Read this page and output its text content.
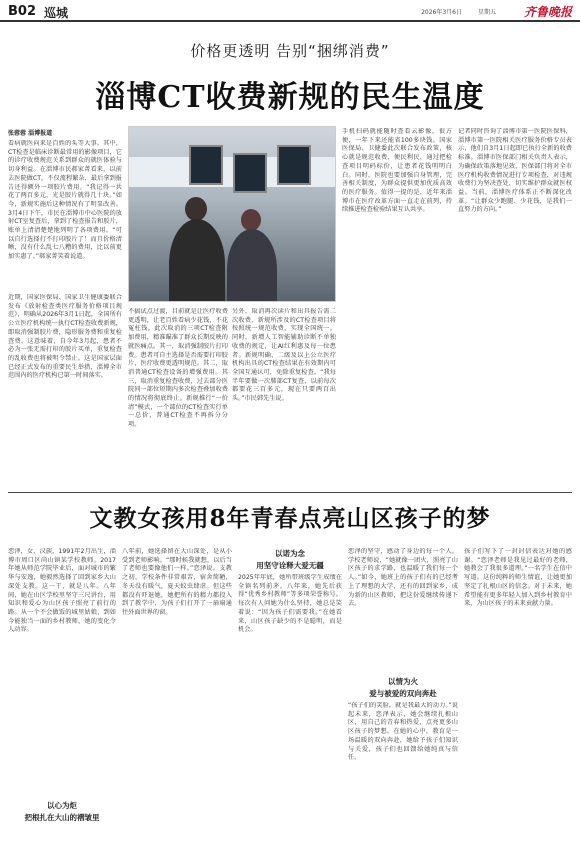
B02 巡城	2026年3月6日	星期五 齐鲁晚报
价格更透明 告别“捆绑消费”
淄博CT收费新规的民生温度
张蓉蓉 淄博报道
看病就医向来是百姓的头等大事。其中，CT检查是临床诊断最常用的影像项目，它的诊疗收费规范关系到群众的就医体验与切身利益。在淄博市民郝家菁看来，以前去医院做CT，不仅流程繁杂，最后拿到报告还得额外一项胶片费用。“我记得一共花了两百多元，光是胶片就得几十块。”如今，新规实施后这种情况有了明显改善。3月4日下午，市民在淄博市中心医院的放射CT室复查后，拿到了检查报告和胶片，账单上清清楚楚地列明了各项费用。“可以自行选择打不打印胶片了！而且价格清晰，没有什么乱七八糟的费用，比以前更加实惠了。”郝家菁笑着说道。
近期，国家医保局、国家卫生健康委联合发布《放射检查类医疗服务价格项目规范》，明确从2026年3月1日起，全国所有公立医疗机构统一执行CT检查收费新规，即取消强制胶片费，隐形服务费和重复检查费。这意味着，自今年3月起，患者不必为一张无需打印的胶片买单，重复检查的乱收费也将被明令禁止。这是国家层面已经正式发布的重要民生举措，淄博全市范围内的医疗机构已第一时间落实。
不搞试点过渡，目前就是让医疗收费更透明，让老百姓看病少花钱，不花冤枉钱。此次取消的三项CT检查附加费用，精准瞄准了群众长期反映的就医痛点。其一，取消强制胶片打印费。患者可自主选择是否需要打印胶片，医疗收费更透明规范。其二，取消普通CT检查设备的增强费用。其三，取消重复检查收费，过去部分医院同一部位短期内多次检查叠加收费的情况将彻底终止。新规推行“一价清”模式，一个部位的CT检查实行单一总价，普通CT检查不再拆分分项。
另外，取消再次读片和出具报告需二次收费，新规所涉及的CT检查项目将按照统一规范收费，实现全国统一。同时，新增人工智能辅助诊断不单独收费的规定，让AI红利惠及每一位患者。新规明确，二级及以上公立医疗机构出具的CT检查结果在有效期内可全国互通认可，免除重复检查。“我每半年要做一次肺部CT复查，以前每次都要花三百多元，现在只要两百出头。”市民韩先生说。
手机扫码就能随时查看云影像，很方便，一年下来还能省100多块钱。国家医保局、卫健委此次联合发布政策，核心就是规范收费、便民利民，通过把检查项目明码标价，让患者花钱明明白白。同时，医院也要加强自身管理，完善相关制度，为群众提供更加优质高效的医疗服务。值得一提的是，近年来淄博市在医疗改革方面一直走在前列，持续推进检查检验结果互认共享。
记者同时咨询了淄博市第一医院医保科，淄博市第一医院相关医疗服务价格专员表示，他们自3月1日起即已执行全新的收费标准。淄博市医保部门相关负责人表示，为确保政策落地见效，医保部门将对全市医疗机构收费情况进行专项检查，对违规收费行为坚决查处，切实维护群众就医权益。当前，淄博医疗体系正不断深化改革。“让群众少跑腿、少花钱，是我们一直努力的方向。”
文教女孩用8年青春点亮山区孩子的梦
恋泽，女，汉族，1991年2月出生，淄博市周口区尚山镇某学校教师。2017年她从师范学院毕业后，面对城市的繁华与安逸，她毅然选择了回到家乡大山深处支教。这一干，就是八年。八年间，她在山区学校里坚守三尺讲台，用知识和爱心为山区孩子照亮了前行的路。从一个不会做饭的城里姑娘，到如今能独当一面的乡村教师，她的变化令人动容。
以心为炬
把根扎在大山的褶皱里
八年前，她选择留在大山深处，是从小受到老师影响。“那时候我就想，以后当了老师也要像他们一样。”恋泽说。支教之初，学校条件非常艰苦，宿舍简陋，冬天没有暖气，夏天蚊虫肆虐。但这些都没有吓退她，她把所有的精力都投入到了教学中，为孩子们打开了一扇扇通往外面世界的窗。
以诺为念
用坚守诠释大爱无疆
2025年年底，她所带班级学生成绩在全镇名列前茅。八年来，她先后获得“优秀乡村教师”等多项荣誉称号。每次有人问她为什么坚持，她总是笑着说：“因为孩子们需要我。”在她看来，山区孩子缺少的不是聪明，而是机会。
恋泽的坚守，感动了身边的每一个人。学校老师说，“她就像一团火，照亮了山区孩子的求学路，也温暖了我们每一个人。”如今，她班上的孩子们有的已经考上了理想的大学，还有的回到家乡，成为新的山区教师，把这份爱继续传递下去。
以情为火
爱与被爱的双向奔赴
“孩子们的笑脸，就是我最大的动力。”说起未来，恋泽表示，她会继续扎根山区，用自己的青春和热爱，点亮更多山区孩子的梦想。在她的心中，教育是一场温暖的双向奔赴，她给予孩子们知识与关爱，孩子们也回馈给她纯真与信任。
孩子们写下了一封封信表达对她的感谢。“恋泽老师是我见过最好的老师，她教会了我很多道理。”一名学生在信中写道。这份纯粹的师生情谊，让她更加坚定了扎根山区的信念。对于未来，她希望能有更多年轻人加入到乡村教育中来，为山区孩子的未来贡献力量。
